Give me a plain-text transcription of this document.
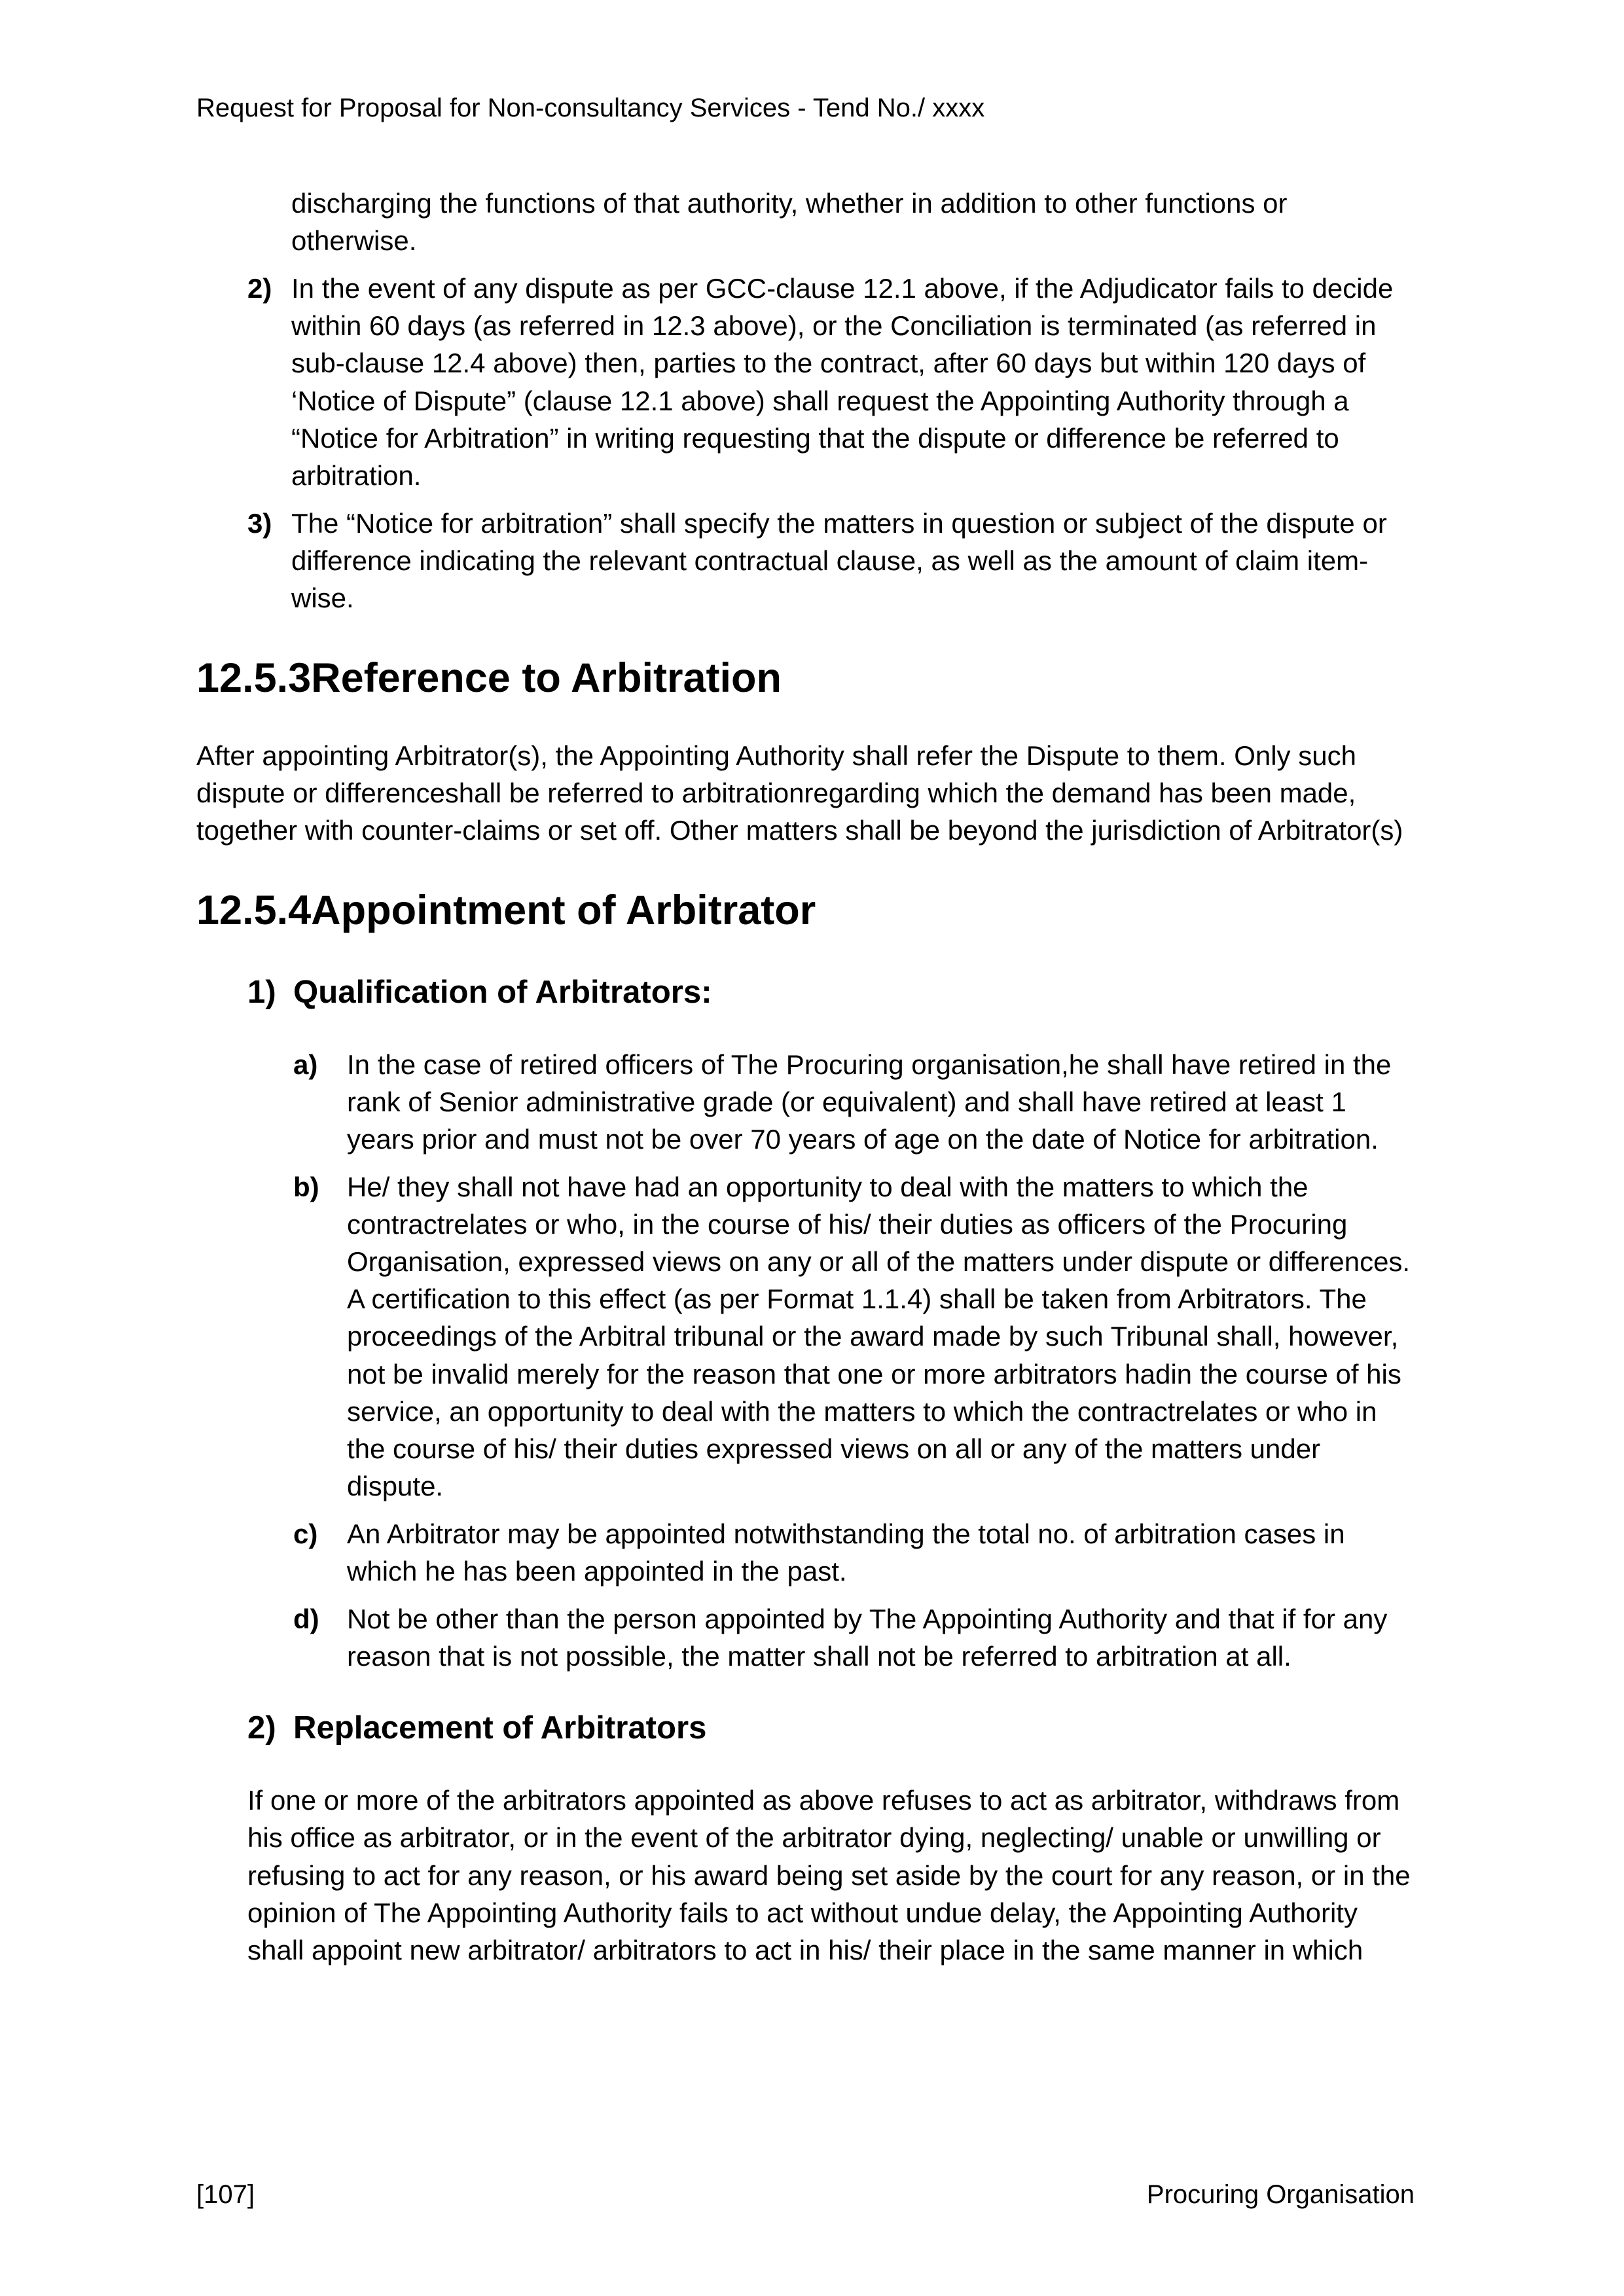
Request for Proposal for Non-consultancy Services - Tend No./ xxxx

discharging the functions of that authority, whether in addition to other functions or otherwise.

2) In the event of any dispute as per GCC-clause 12.1 above, if the Adjudicator fails to decide within 60 days (as referred in 12.3 above), or the Conciliation is terminated (as referred in sub-clause 12.4 above) then, parties to the contract, after 60 days but within 120 days of ‘Notice of Dispute” (clause 12.1 above) shall request the Appointing Authority through a “Notice for Arbitration” in writing requesting that the dispute or difference be referred to arbitration.
3) The “Notice for arbitration” shall specify the matters in question or subject of the dispute or difference indicating the relevant contractual clause, as well as the amount of claim item-wise.
12.5.3 Reference to Arbitration

After appointing Arbitrator(s), the Appointing Authority shall refer the Dispute to them. Only such dispute or differenceshall be referred to arbitrationregarding which the demand has been made, together with counter-claims or set off. Other matters shall be beyond the jurisdiction of Arbitrator(s)

12.5.4 Appointment of Arbitrator
1) Qualification of Arbitrators:
a)	In the case of retired officers of The Procuring organisation,he shall have retired in the rank of Senior administrative grade (or equivalent) and shall have retired at least 1 years prior and must not be over 70 years of age on the date of Notice for arbitration.
b)	He/ they shall not have had an opportunity to deal with the matters to which the contractrelates or who, in the course of his/ their duties as officers of the Procuring Organisation, expressed views on any or all of the matters under dispute or differences. A certification to this effect (as per Format 1.1.4) shall be taken from Arbitrators. The proceedings of the Arbitral tribunal or the award made by such Tribunal shall, however, not be invalid merely for the reason that one or more arbitrators hadin the course of his service, an opportunity to deal with the matters to which the contractrelates or who in the course of his/ their duties expressed views on all or any of the matters under dispute.
c)	An Arbitrator may be appointed notwithstanding the total no. of arbitration cases in which he has been appointed in the past.
d)	Not be other than the person appointed by The Appointing Authority and that if for any reason that is not possible, the matter shall not be referred to arbitration at all.
2) Replacement of Arbitrators

If one or more of the arbitrators appointed as above refuses to act as arbitrator, withdraws from his office as arbitrator, or in the event of the arbitrator dying, neglecting/ unable or unwilling or refusing to act for any reason, or his award being set aside by the court for any reason, or in the opinion of The Appointing Authority fails to act without undue delay, the Appointing Authority shall appoint new arbitrator/ arbitrators to act in his/ their place in the same manner in which

[107]	Procuring Organisation
